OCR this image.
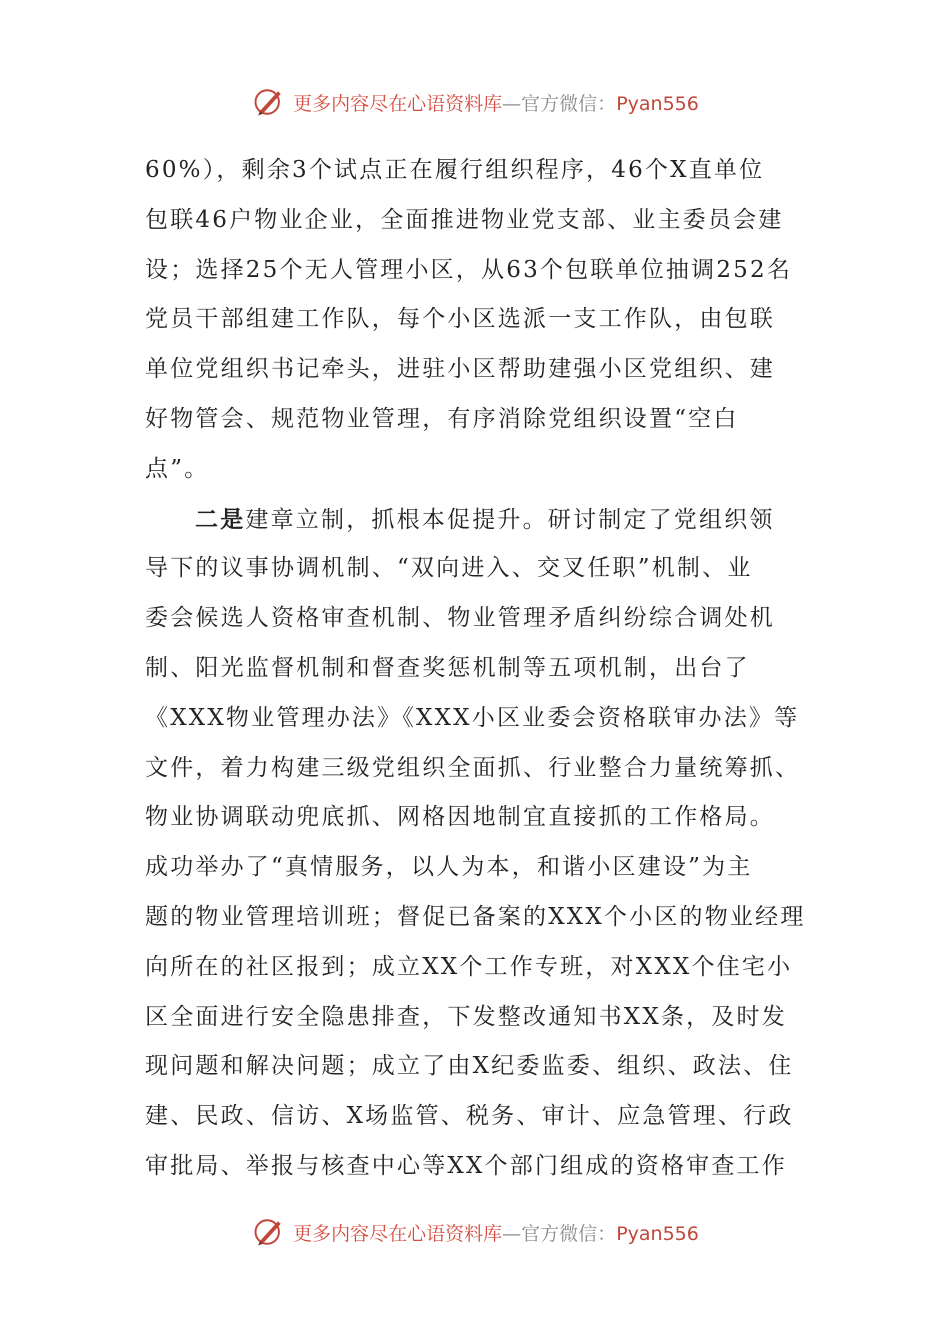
更多内容尽在心语资料库—官方微信：Pyan556
60%），剩余3个试点正在履行组织程序，46个X直单位
包联46户物业企业，全面推进物业党支部、业主委员会建
设；选择25个无人管理小区，从63个包联单位抽调252名
党员干部组建工作队，每个小区选派一支工作队，由包联
单位党组织书记牵头，进驻小区帮助建强小区党组织、建
好物管会、规范物业管理，有序消除党组织设置“空白
点”。
二是建章立制，抓根本促提升。研讨制定了党组织领
导下的议事协调机制、“双向进入、交叉任职”机制、业
委会候选人资格审查机制、物业管理矛盾纠纷综合调处机
制、阳光监督机制和督查奖惩机制等五项机制，出台了
《XXX物业管理办法》《XXX小区业委会资格联审办法》等
文件，着力构建三级党组织全面抓、行业整合力量统筹抓、
物业协调联动兜底抓、网格因地制宜直接抓的工作格局。
成功举办了“真情服务，以人为本，和谐小区建设”为主
题的物业管理培训班；督促已备案的XXX个小区的物业经理
向所在的社区报到；成立XX个工作专班，对XXX个住宅小
区全面进行安全隐患排查，下发整改通知书XX条，及时发
现问题和解决问题；成立了由X纪委监委、组织、政法、住
建、民政、信访、X场监管、税务、审计、应急管理、行政
审批局、举报与核查中心等XX个部门组成的资格审查工作
更多内容尽在心语资料库—官方微信：Pyan556
